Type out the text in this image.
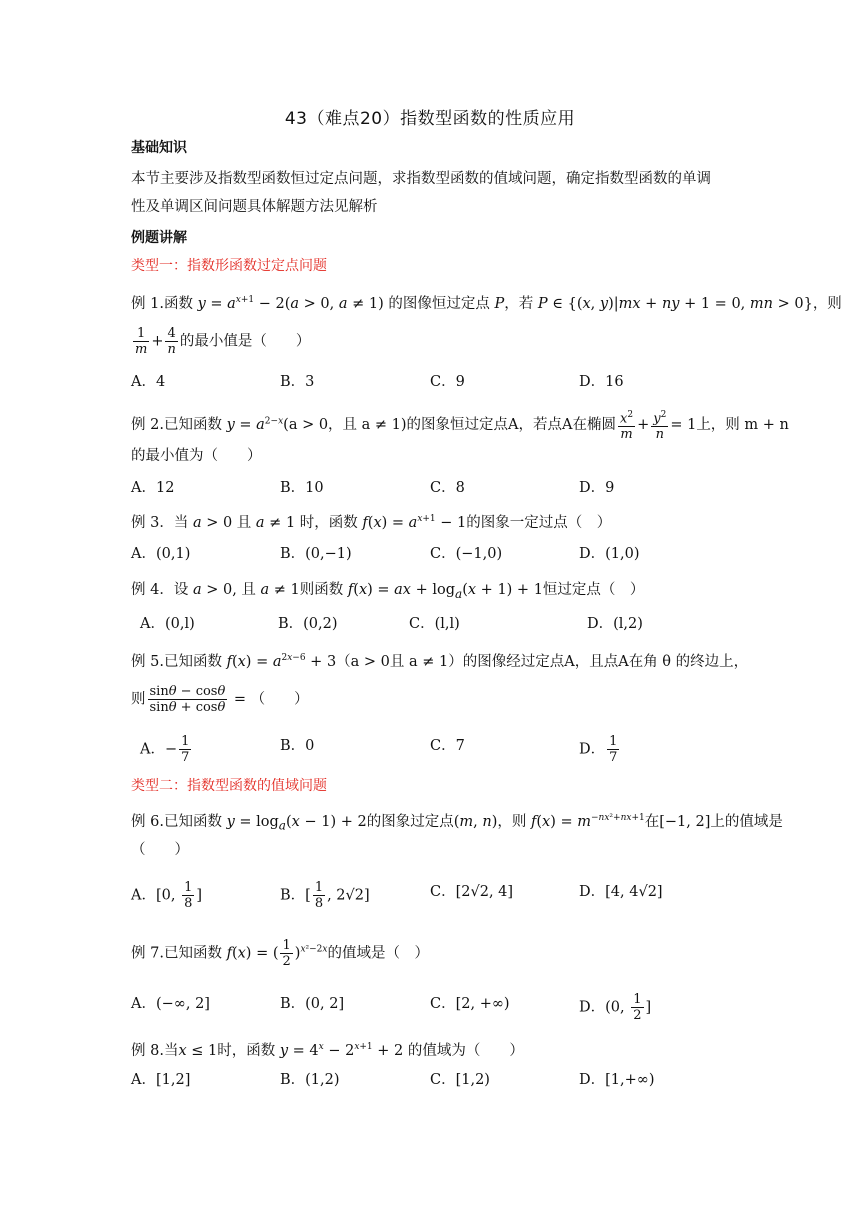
43（难点20）指数型函数的性质应用
基础知识
本节主要涉及指数型函数恒过定点问题，求指数型函数的值域问题，确定指数型函数的单调
性及单调区间问题具体解题方法见解析
例题讲解
类型一：指数形函数过定点问题
例 1.函数 $y = a^{x+1} - 2(a > 0$, a ≠ 1) 的图像恒过定点 P，若 P ∈ {(x, y)|mx + ny + 1 = 0, mn > 0}，则
$\frac{1}{m} + \frac{4}{n}$ 的最小值是（　　）
A．4	B．3	C．9	D．16
例 2.已知函数 $y = a^{2-x}(a > 0$，且 a ≠ 1)的图象恒过定点A，若点A在椭圆 $\frac{x^2}{m} + \frac{y^2}{n} = 1$上，则 m + n
的最小值为（　　）
A．12	B．10	C．8	D．9
例 3．当 a > 0 且 a ≠ 1 时，函数 $f(x) = a^{x+1} - 1$的图象一定过点（　）
A．(0,1)	B．(0,−1)	C．(−1,0)	D．(1,0)
例 4．设 a > 0, 且 a ≠ 1则函数 f(x) = ax + $\log_a(x + 1) + 1$恒过定点（　）
A．(0,l)	B．(0,2)	C．(l,l)	D．(l,2)
例 5.已知函数 $f(x) = a^{2x-6} + 3(a > 0$且 a ≠ 1）的图像经过定点A，且点A在角 θ 的终边上，
则 $\frac{\sin\theta - \cos\theta}{\sin\theta + \cos\theta}$ = （　　）
A．− $\frac{1}{7}$	B．0	C．7	D． $\frac{1}{7}$
类型二：指数型函数的值域问题
例 6.已知函数 $y = \log_a(x - 1) + 2$的图象过定点(m, n)，则 $f(x) = m^{-nx^2+nx+1}$在[−1, 2]上的值域是
（　　）
A．[0, $\frac{1}{8}$ ]	B．[ $\frac{1}{8}$ , 2√2]	C．[2√2, 4]	D．[4, 4√2]
例 7.已知函数 f(x) = ( $\frac{1}{2} )^{x^2-2x}$的值域是（　）
A．(−∞, 2]	B．(0, 2]	C．[2, +∞)	D．(0, $\frac{1}{2}$ ]
例 8.当x ≤ 1时，函数 $y = 4^x - 2^{x+1} + 2$ 的值域为（　　）
A．[1,2]	B．(1,2)	C．[1,2)	D．[1,+∞)
